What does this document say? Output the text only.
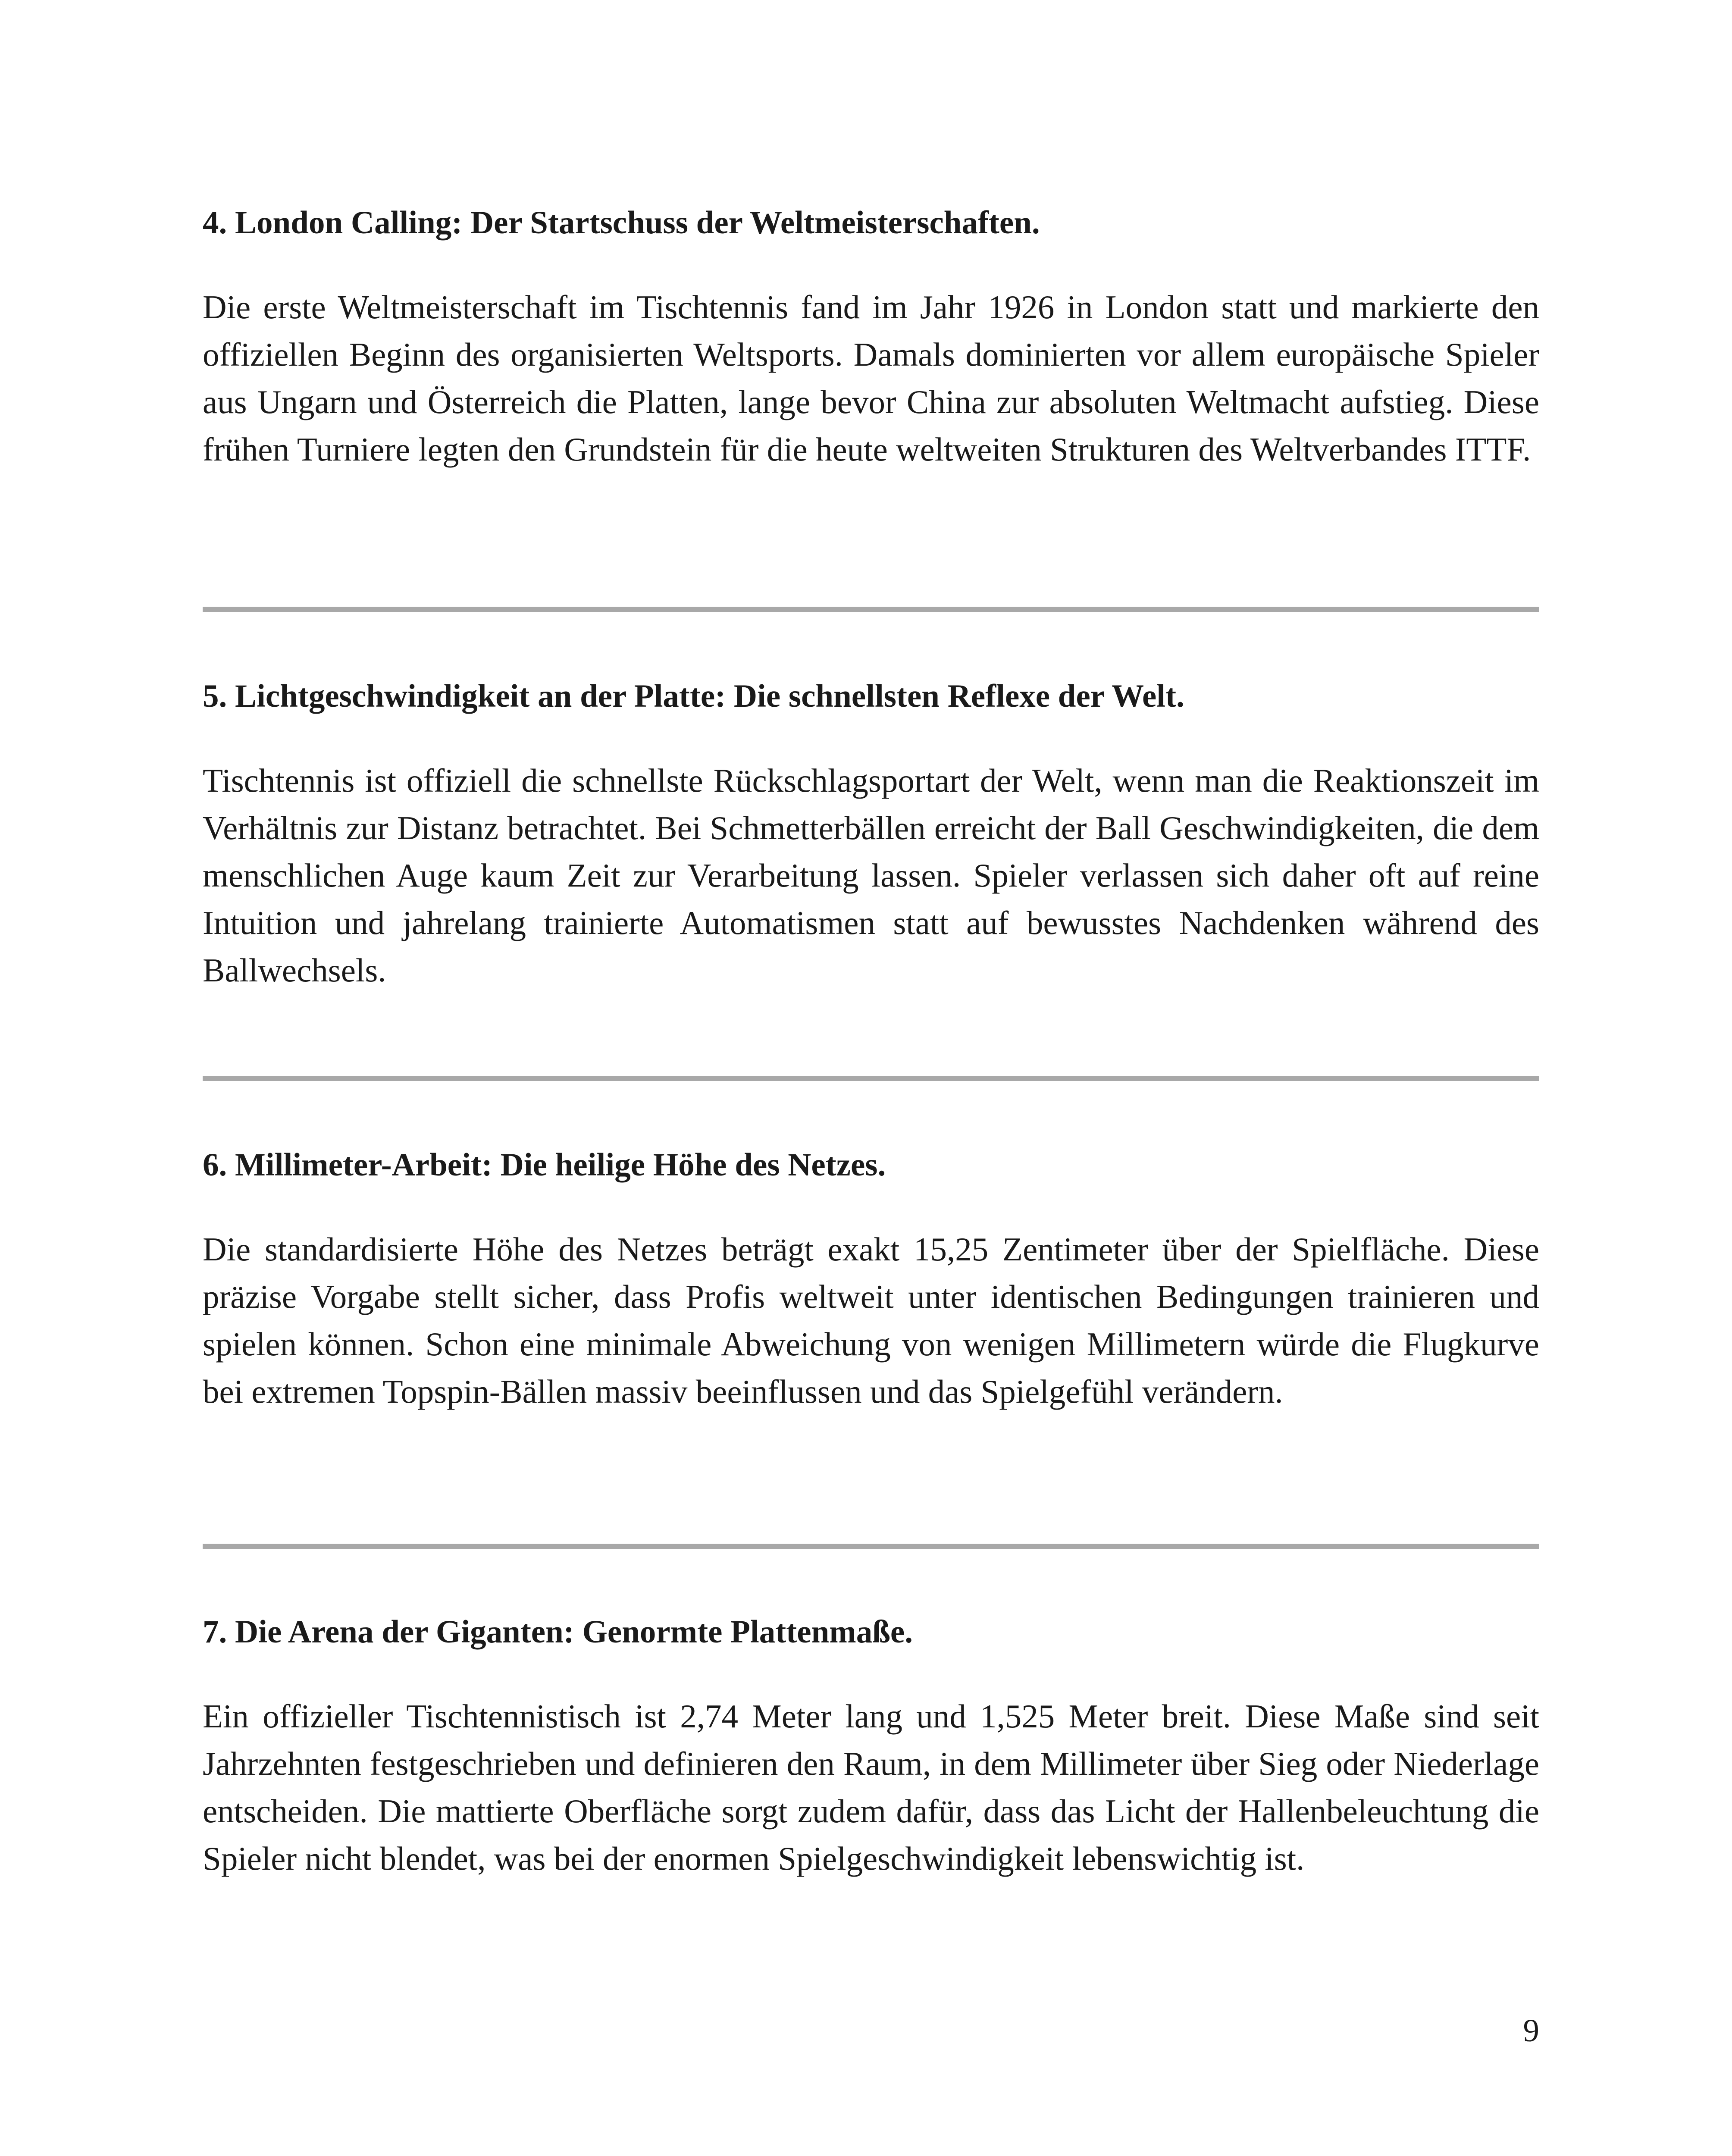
4. London Calling: Der Startschuss der Weltmeisterschaften.

Die erste Weltmeisterschaft im Tischtennis fand im Jahr 1926 in London statt und markierte den offiziellen Beginn des organisierten Weltsports. Damals dominierten vor allem europäische Spieler aus Ungarn und Österreich die Platten, lange bevor China zur absoluten Weltmacht aufstieg. Diese frühen Turniere legten den Grundstein für die heute weltweiten Strukturen des Weltverbandes ITTF.

5. Lichtgeschwindigkeit an der Platte: Die schnellsten Reflexe der Welt.

Tischtennis ist offiziell die schnellste Rückschlagsportart der Welt, wenn man die Reaktionszeit im Verhältnis zur Distanz betrachtet. Bei Schmetterbällen erreicht der Ball Geschwindigkeiten, die dem menschlichen Auge kaum Zeit zur Verarbeitung lassen. Spieler verlassen sich daher oft auf reine Intuition und jahrelang trainierte Automatismen statt auf bewusstes Nachdenken während des Ballwechsels.

6. Millimeter-Arbeit: Die heilige Höhe des Netzes.

Die standardisierte Höhe des Netzes beträgt exakt 15,25 Zentimeter über der Spielfläche. Diese präzise Vorgabe stellt sicher, dass Profis weltweit unter identischen Bedingungen trainieren und spielen können. Schon eine minimale Abweichung von wenigen Millimetern würde die Flugkurve bei extremen Topspin-Bällen massiv beeinflussen und das Spielgefühl verändern.

7. Die Arena der Giganten: Genormte Plattenmaße.

Ein offizieller Tischtennistisch ist 2,74 Meter lang und 1,525 Meter breit. Diese Maße sind seit Jahrzehnten festgeschrieben und definieren den Raum, in dem Millimeter über Sieg oder Niederlage entscheiden. Die mattierte Oberfläche sorgt zudem dafür, dass das Licht der Hallenbeleuchtung die Spieler nicht blendet, was bei der enormen Spielgeschwindigkeit lebenswichtig ist.

9
